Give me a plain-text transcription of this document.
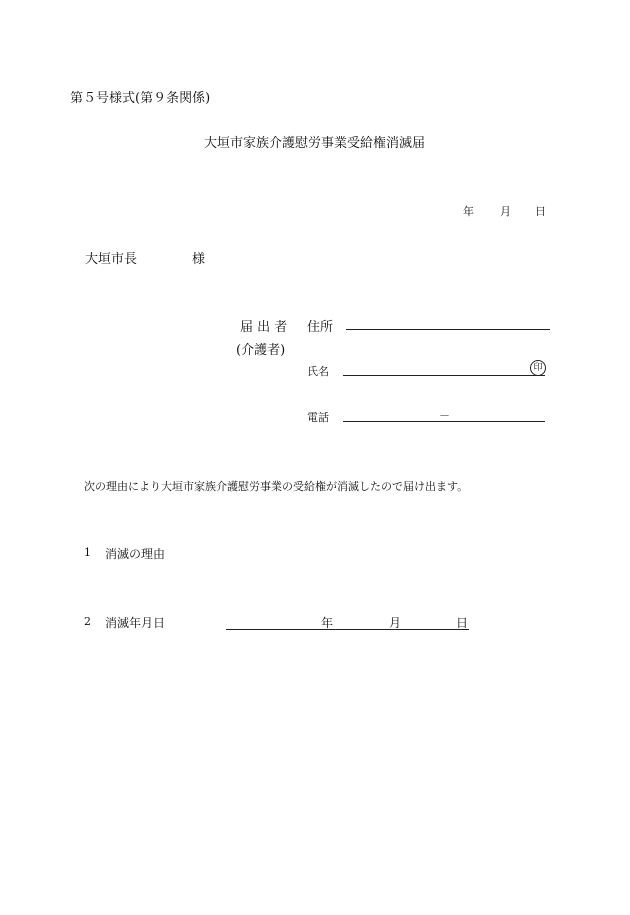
第５号様式(第９条関係)
大垣市家族介護慰労事業受給権消滅届
年 月 日
大垣市長	様
届 出 者
(介護者)
住所
氏名	印
電話	－
次の理由により大垣市家族介護慰労事業の受給権が消滅したので届け出ます。
1 消滅の理由
2 消滅年月日	年	月	日
